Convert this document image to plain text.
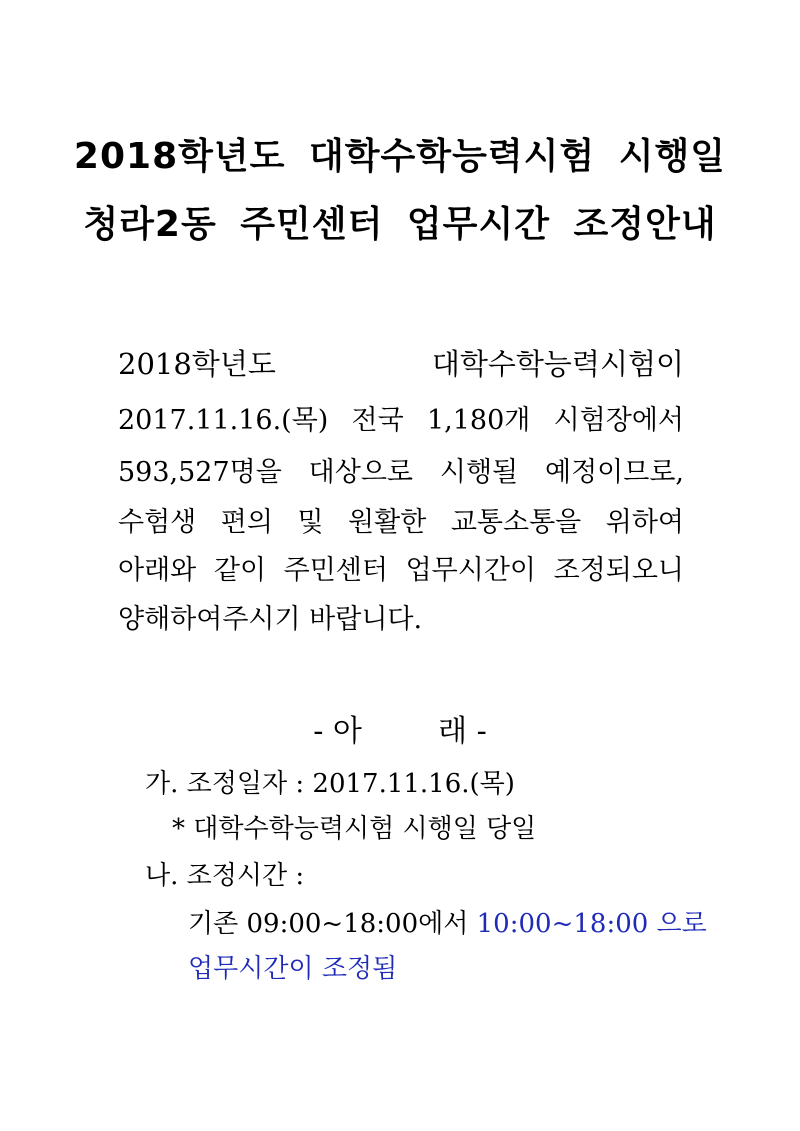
2018학년도 대학수학능력시험 시행일
청라2동 주민센터 업무시간 조정안내
2018학년도 대학수학능력시험이
2017.11.16.(목) 전국 1,180개 시험장에서
593,527명을 대상으로 시행될 예정이므로,
수험생 편의 및 원활한 교통소통을 위하여
아래와 같이 주민센터 업무시간이 조정되오니
양해하여주시기 바랍니다.
- 아        래 -
가. 조정일자 : 2017.11.16.(목)
* 대학수학능력시험 시행일 당일
나. 조정시간 :
기존 09:00~18:00에서 10:00~18:00 으로
업무시간이 조정됨
